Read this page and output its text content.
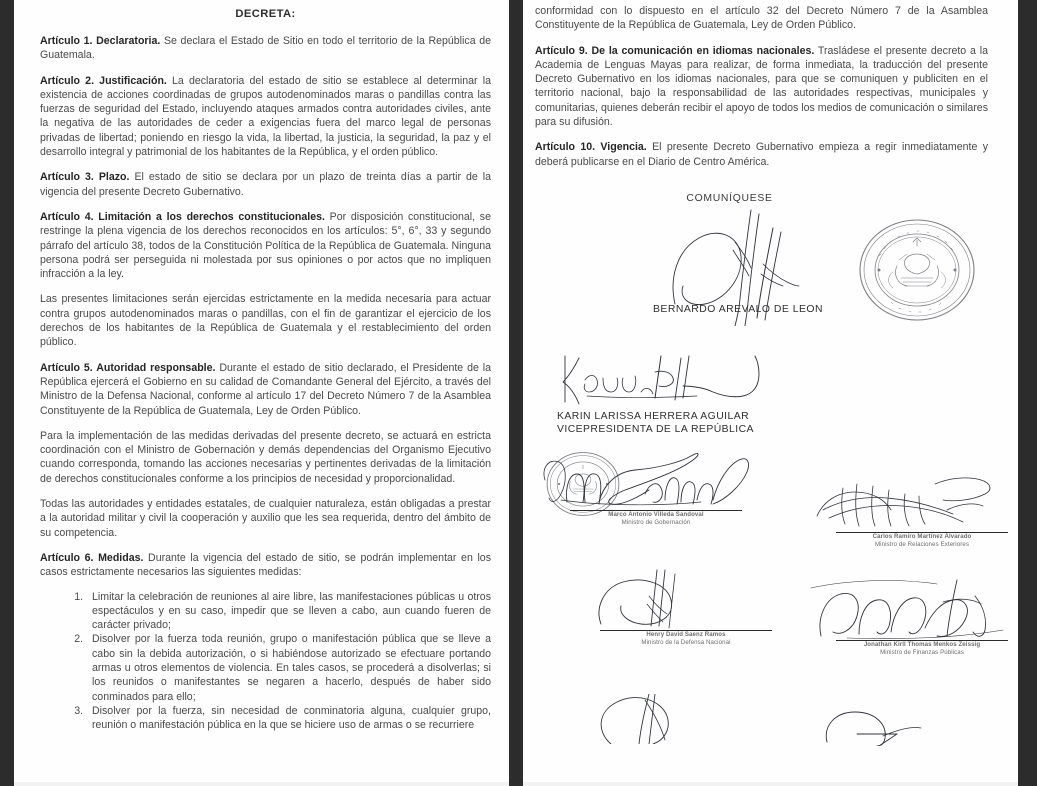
DECRETA:

Artículo 1. Declaratoria. Se declara el Estado de Sitio en todo el territorio de la República de Guatemala.

Artículo 2. Justificación. La declaratoria del estado de sitio se establece al determinar la existencia de acciones coordinadas de grupos autodenominados maras o pandillas contra las fuerzas de seguridad del Estado, incluyendo ataques armados contra autoridades civiles, ante la negativa de las autoridades de ceder a exigencias fuera del marco legal de personas privadas de libertad; poniendo en riesgo la vida, la libertad, la justicia, la seguridad, la paz y el desarrollo integral y patrimonial de los habitantes de la República, y el orden público.

Artículo 3. Plazo. El estado de sitio se declara por un plazo de treinta días a partir de la vigencia del presente Decreto Gubernativo.

Artículo 4. Limitación a los derechos constitucionales. Por disposición constitucional, se restringe la plena vigencia de los derechos reconocidos en los artículos: 5°, 6°, 33 y segundo párrafo del artículo 38, todos de la Constitución Política de la República de Guatemala. Ninguna persona podrá ser perseguida ni molestada por sus opiniones o por actos que no impliquen infracción a la ley.

Las presentes limitaciones serán ejercidas estrictamente en la medida necesaria para actuar contra grupos autodenominados maras o pandillas, con el fin de garantizar el ejercicio de los derechos de los habitantes de la República de Guatemala y el restablecimiento del orden público.

Artículo 5. Autoridad responsable. Durante el estado de sitio declarado, el Presidente de la República ejercerá el Gobierno en su calidad de Comandante General del Ejército, a través del Ministro de la Defensa Nacional, conforme al artículo 17 del Decreto Número 7 de la Asamblea Constituyente de la República de Guatemala, Ley de Orden Público.

Para la implementación de las medidas derivadas del presente decreto, se actuará en estricta coordinación con el Ministro de Gobernación y demás dependencias del Organismo Ejecutivo cuando corresponda, tomando las acciones necesarias y pertinentes derivadas de la limitación de derechos constitucionales conforme a los principios de necesidad y proporcionalidad.

Todas las autoridades y entidades estatales, de cualquier naturaleza, están obligadas a prestar a la autoridad militar y civil la cooperación y auxilio que les sea requerida, dentro del ámbito de su competencia.

Artículo 6. Medidas. Durante la vigencia del estado de sitio, se podrán implementar en los casos estrictamente necesarios las siguientes medidas:

1. Limitar la celebración de reuniones al aire libre, las manifestaciones públicas u otros espectáculos y en su caso, impedir que se lleven a cabo, aun cuando fueren de carácter privado;
2. Disolver por la fuerza toda reunión, grupo o manifestación pública que se lleve a cabo sin la debida autorización, o si habiéndose autorizado se efectuare portando armas u otros elementos de violencia. En tales casos, se procederá a disolverlas; si los reunidos o manifestantes se negaren a hacerlo, después de haber sido conminados para ello;
3. Disolver por la fuerza, sin necesidad de conminatoria alguna, cualquier grupo, reunión o manifestación pública en la que se hiciere uso de armas o se recurriere

conformidad con lo dispuesto en el artículo 32 del Decreto Número 7 de la Asamblea Constituyente de la República de Guatemala, Ley de Orden Público.

Artículo 9. De la comunicación en idiomas nacionales. Trasládese el presente decreto a la Academia de Lenguas Mayas para realizar, de forma inmediata, la traducción del presente Decreto Gubernativo en los idiomas nacionales, para que se comuniquen y publiciten en el territorio nacional, bajo la responsabilidad de las autoridades respectivas, municipales y comunitarias, quienes deberán recibir el apoyo de todos los medios de comunicación o similares para su difusión.

Artículo 10. Vigencia. El presente Decreto Gubernativo empieza a regir inmediatamente y deberá publicarse en el Diario de Centro América.

COMUNÍQUESE
BERNARDO AREVALO DE LEON
KARIN LARISSA HERRERA AGUILAR
VICEPRESIDENTA DE LA REPÚBLICA
Marco Antonio Villeda Sandoval
Ministro de Gobernación
Carlos Ramiro Martínez Alvarado
Ministro de Relaciones Exteriores
Henry David Saenz Ramos
Ministro de la Defensa Nacional	Jonathan Kirll Thomas Menkos Zeissig
Ministro de Finanzas Públicas
